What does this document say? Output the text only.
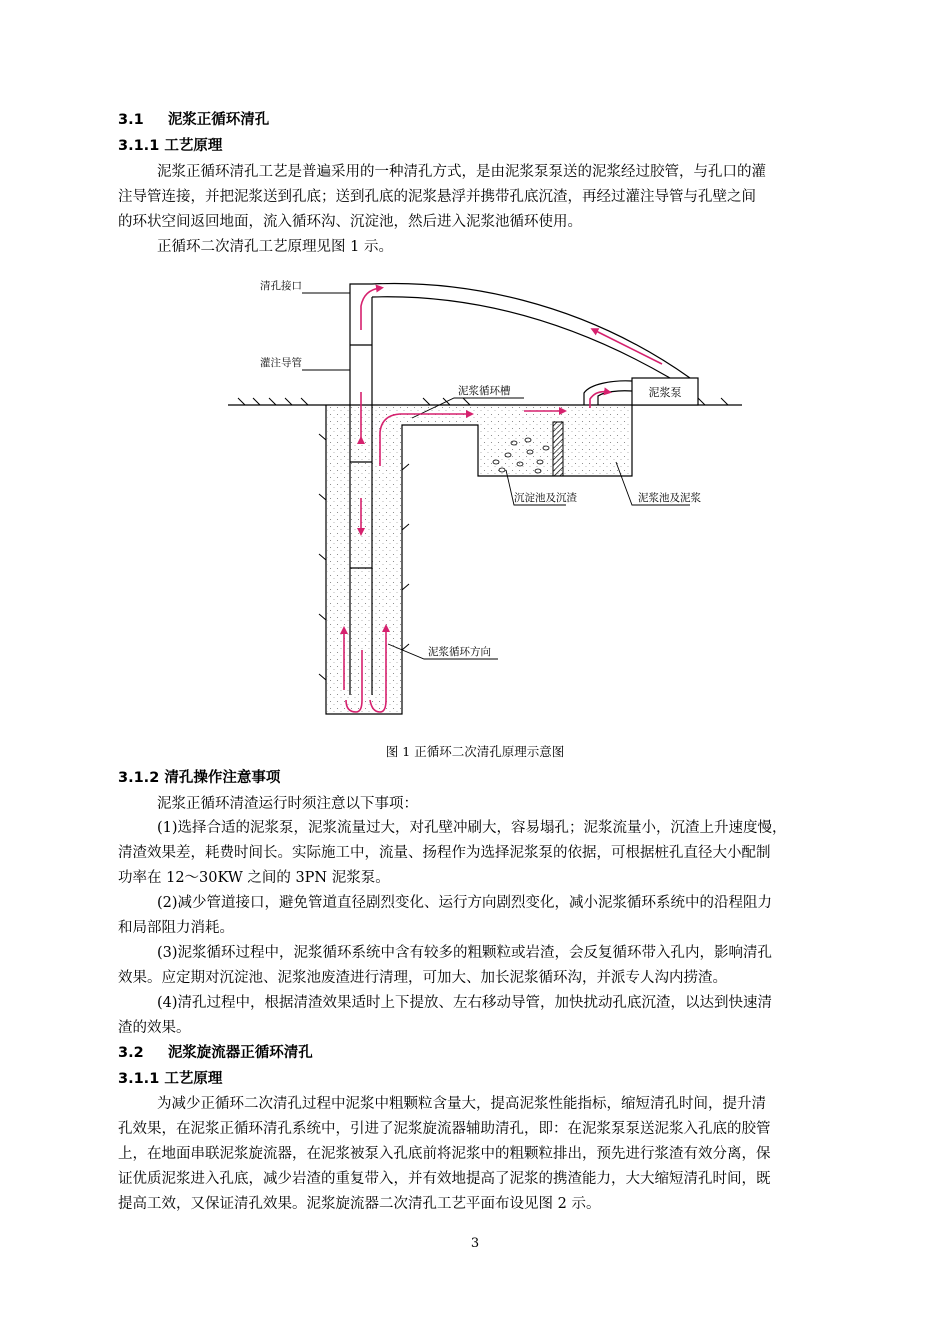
3.1 泥浆正循环清孔
3.1.1 工艺原理
泥浆正循环清孔工艺是普遍采用的一种清孔方式，是由泥浆泵泵送的泥浆经过胶管，与孔口的灌
注导管连接，并把泥浆送到孔底；送到孔底的泥浆悬浮并携带孔底沉渣，再经过灌注导管与孔壁之间
的环状空间返回地面，流入循环沟、沉淀池，然后进入泥浆池循环使用。
正循环二次清孔工艺原理见图 1 示。
清孔接口
灌注导管
泥浆循环槽	泥浆泵
沉淀池及沉渣	泥浆池及泥浆
泥浆循环方向
图 1 正循环二次清孔原理示意图
3.1.2 清孔操作注意事项
泥浆正循环清渣运行时须注意以下事项：
(1)选择合适的泥浆泵，泥浆流量过大，对孔壁冲刷大，容易塌孔；泥浆流量小，沉渣上升速度慢，
清渣效果差，耗费时间长。实际施工中，流量、扬程作为选择泥浆泵的依据，可根据桩孔直径大小配制
功率在 12～30KW 之间的 3PN 泥浆泵。
(2)减少管道接口，避免管道直径剧烈变化、运行方向剧烈变化，减小泥浆循环系统中的沿程阻力
和局部阻力消耗。
(3)泥浆循环过程中，泥浆循环系统中含有较多的粗颗粒或岩渣，会反复循环带入孔内，影响清孔
效果。应定期对沉淀池、泥浆池废渣进行清理，可加大、加长泥浆循环沟，并派专人沟内捞渣。
(4)清孔过程中，根据清渣效果适时上下提放、左右移动导管，加快扰动孔底沉渣，以达到快速清
渣的效果。
3.2 泥浆旋流器正循环清孔
3.1.1 工艺原理
为减少正循环二次清孔过程中泥浆中粗颗粒含量大，提高泥浆性能指标，缩短清孔时间，提升清
孔效果，在泥浆正循环清孔系统中，引进了泥浆旋流器辅助清孔，即：在泥浆泵泵送泥浆入孔底的胶管
上，在地面串联泥浆旋流器，在泥浆被泵入孔底前将泥浆中的粗颗粒排出，预先进行浆渣有效分离，保
证优质泥浆进入孔底，减少岩渣的重复带入，并有效地提高了泥浆的携渣能力，大大缩短清孔时间，既
提高工效，又保证清孔效果。泥浆旋流器二次清孔工艺平面布设见图 2 示。
3
